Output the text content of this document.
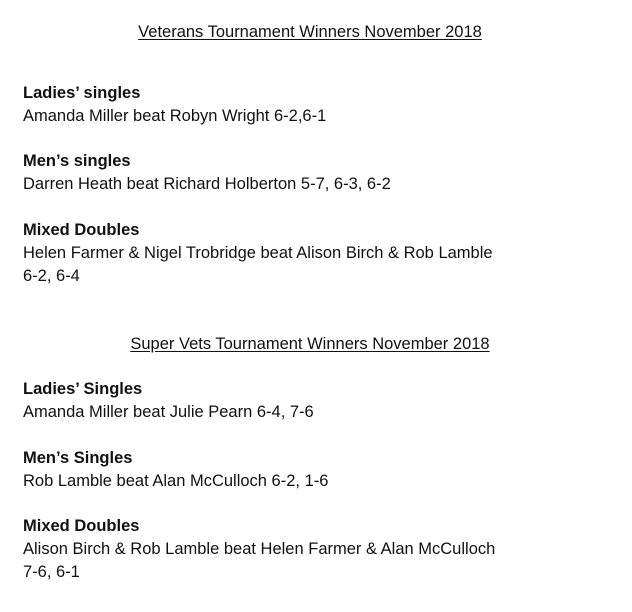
Veterans Tournament Winners November 2018

Ladies’ singles

Amanda Miller beat Robyn Wright 6-2,6-1

Men’s singles

Darren Heath beat Richard Holberton 5-7, 6-3, 6-2

Mixed Doubles

Helen Farmer & Nigel Trobridge beat Alison Birch & Rob Lamble

6-2, 6-4

Super Vets Tournament Winners November 2018

Ladies’ Singles

Amanda Miller beat Julie Pearn 6-4, 7-6

Men’s Singles

Rob Lamble beat Alan McCulloch 6-2, 1-6

Mixed Doubles

Alison Birch & Rob Lamble beat Helen Farmer & Alan McCulloch

7-6, 6-1
